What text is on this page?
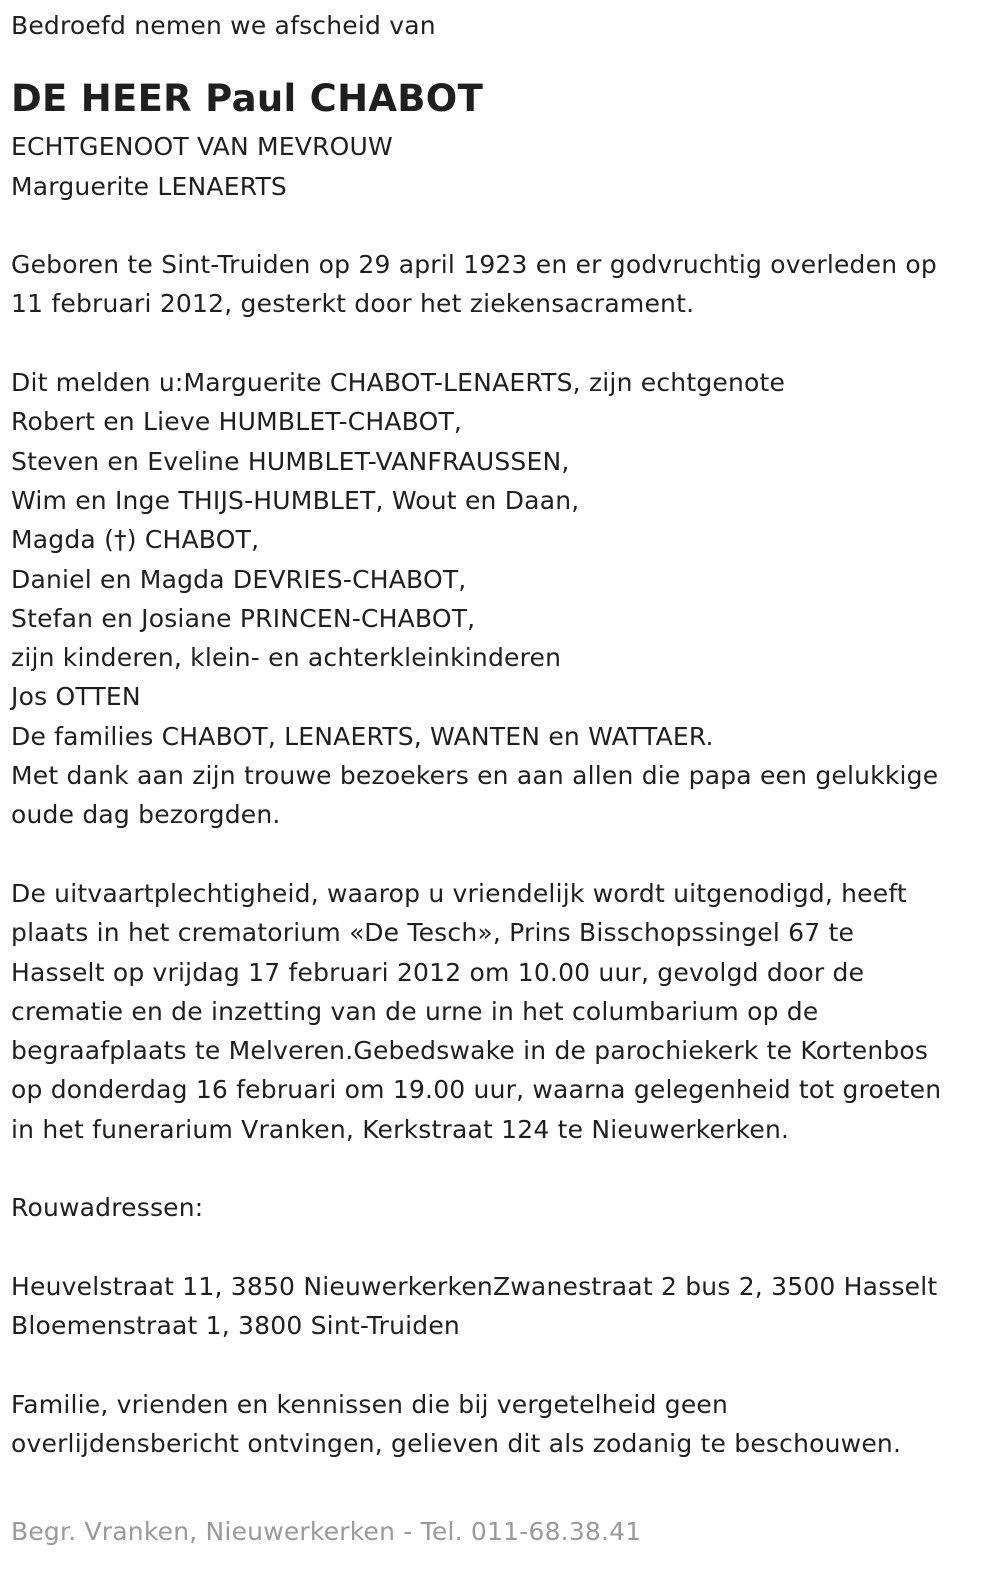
Bedroefd nemen we afscheid van

DE HEER Paul CHABOT

ECHTGENOOT VAN MEVROUW

Marguerite LENAERTS

Geboren te Sint-Truiden op 29 april 1923 en er godvruchtig overleden op

11 februari 2012, gesterkt door het ziekensacrament.

Dit melden u:Marguerite CHABOT-LENAERTS, zijn echtgenote

Robert en Lieve HUMBLET-CHABOT,

Steven en Eveline HUMBLET-VANFRAUSSEN,

Wim en Inge THIJS-HUMBLET, Wout en Daan,

Magda (†) CHABOT,

Daniel en Magda DEVRIES-CHABOT,

Stefan en Josiane PRINCEN-CHABOT,

zijn kinderen, klein- en achterkleinkinderen

Jos OTTEN

De families CHABOT, LENAERTS, WANTEN en WATTAER.

Met dank aan zijn trouwe bezoekers en aan allen die papa een gelukkige

oude dag bezorgden.

De uitvaartplechtigheid, waarop u vriendelijk wordt uitgenodigd, heeft

plaats in het crematorium «De Tesch», Prins Bisschopssingel 67 te

Hasselt op vrijdag 17 februari 2012 om 10.00 uur, gevolgd door de

crematie en de inzetting van de urne in het columbarium op de

begraafplaats te Melveren.Gebedswake in de parochiekerk te Kortenbos

op donderdag 16 februari om 19.00 uur, waarna gelegenheid tot groeten

in het funerarium Vranken, Kerkstraat 124 te Nieuwerkerken.

Rouwadressen:

Heuvelstraat 11, 3850 NieuwerkerkenZwanestraat 2 bus 2, 3500 Hasselt

Bloemenstraat 1, 3800 Sint-Truiden

Familie, vrienden en kennissen die bij vergetelheid geen

overlijdensbericht ontvingen, gelieven dit als zodanig te beschouwen.

Begr. Vranken, Nieuwerkerken - Tel. 011-68.38.41
